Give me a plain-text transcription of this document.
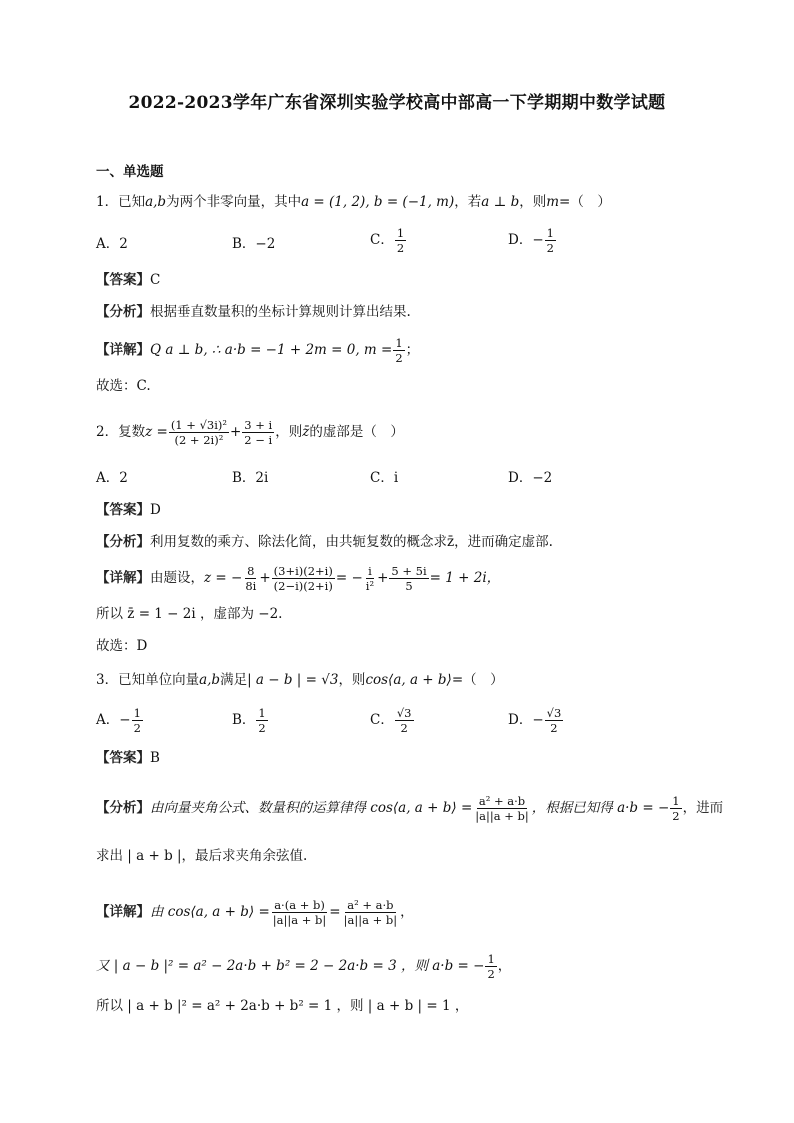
2022-2023学年广东省深圳实验学校高中部高一下学期期中数学试题
一、单选题
1．已知a,b为两个非零向量，其中a = (1, 2), b = (−1, m)，若a ⊥ b，则m=（　）
A．2	B．−2	C． $\frac{1}{2}$	D．− $\frac{1}{2}$
【答案】C
【分析】根据垂直数量积的坐标计算规则计算出结果.
【详解】Q a ⊥ b, ∴ a·b = −1 + 2m = 0, $m = \frac{1}{2}$ ；
故选：C.
2．复数$z = \frac{\text{(1 + √3i)²}}{\text{(2 + 2i)²}} + \frac{3 + i}{2 - i}$ ，则z̄的虚部是（　）
A．2	B．2i	C．i	D．−2
【答案】D
【分析】利用复数的乘方、除法化简，由共轭复数的概念求z̄，进而确定虚部.
【详解】由题设，z = − $\frac{8}{8i} + \frac{(3+i)(2+i)}{(2-i)(2+i)}$ = − $\frac{i}{\text{i²}} + \frac{5 + 5i}{5} = 1 + 2i$，
所以 z̄ = 1 − 2i ，虚部为 −2.
故选：D
3．已知单位向量a,b满足| a − b | = √3，则cos⟨a, a + b⟩=（　）
A．− $\frac{1}{2}$	B． $\frac{1}{2}$	C． $\frac{√3}{2}$	D．− $\frac{√3}{2}$
【答案】B
【分析】由向量夹角公式、数量积的运算律得 cos⟨a, a + b⟩ = $\frac{\text{a² + a·b}}{|a||a + b|}$ ，根据已知得 a·b = − $\frac{1}{2}$ ，进而
求出 | a + b |，最后求夹角余弦值.
【详解】由 cos⟨a, a + b⟩ = $\frac{a\cdot(a + b)}{|a||a + b|} = \frac{\text{a² + a·b}}{|a||a + b|}$ ，
又 | a − b |² = a² − 2a·b + b² = 2 − 2a·b = 3 ，则 a·b = − $\frac{1}{2}$ ，
所以 | a + b |² = a² + 2a·b + b² = 1 ，则 | a + b | = 1 ，
